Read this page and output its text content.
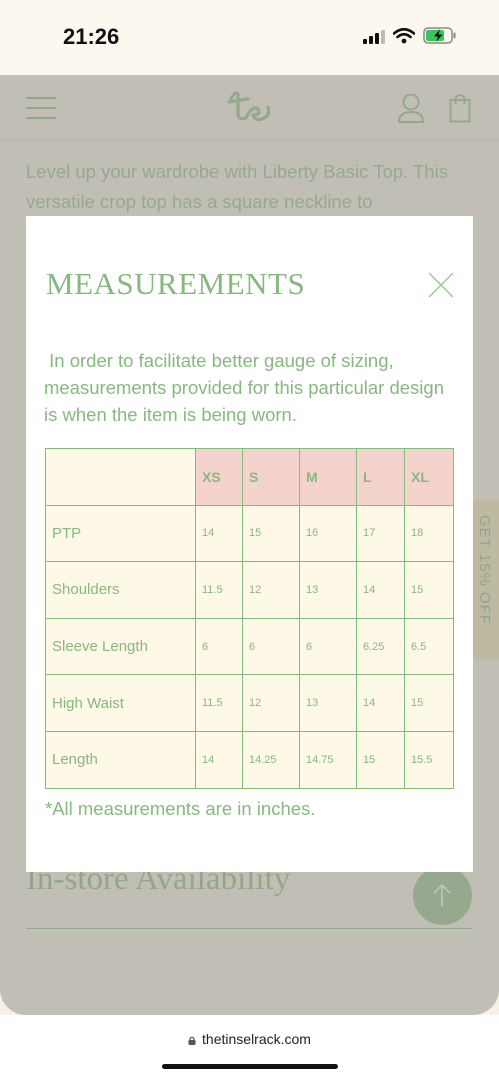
21:26
MEASUREMENTS
In order to facilitate better gauge of sizing, measurements provided for this particular design is when the item is being worn.
	XS	S	M	L	XL
PTP	14	15	16	17	18
Shoulders	11.5	12	13	14	15
Sleeve Length	6	6	6	6.25	6.5
High Waist	11.5	12	13	14	15
Length	14	14.25	14.75	15	15.5
*All measurements are in inches.
thetinselrack.com
